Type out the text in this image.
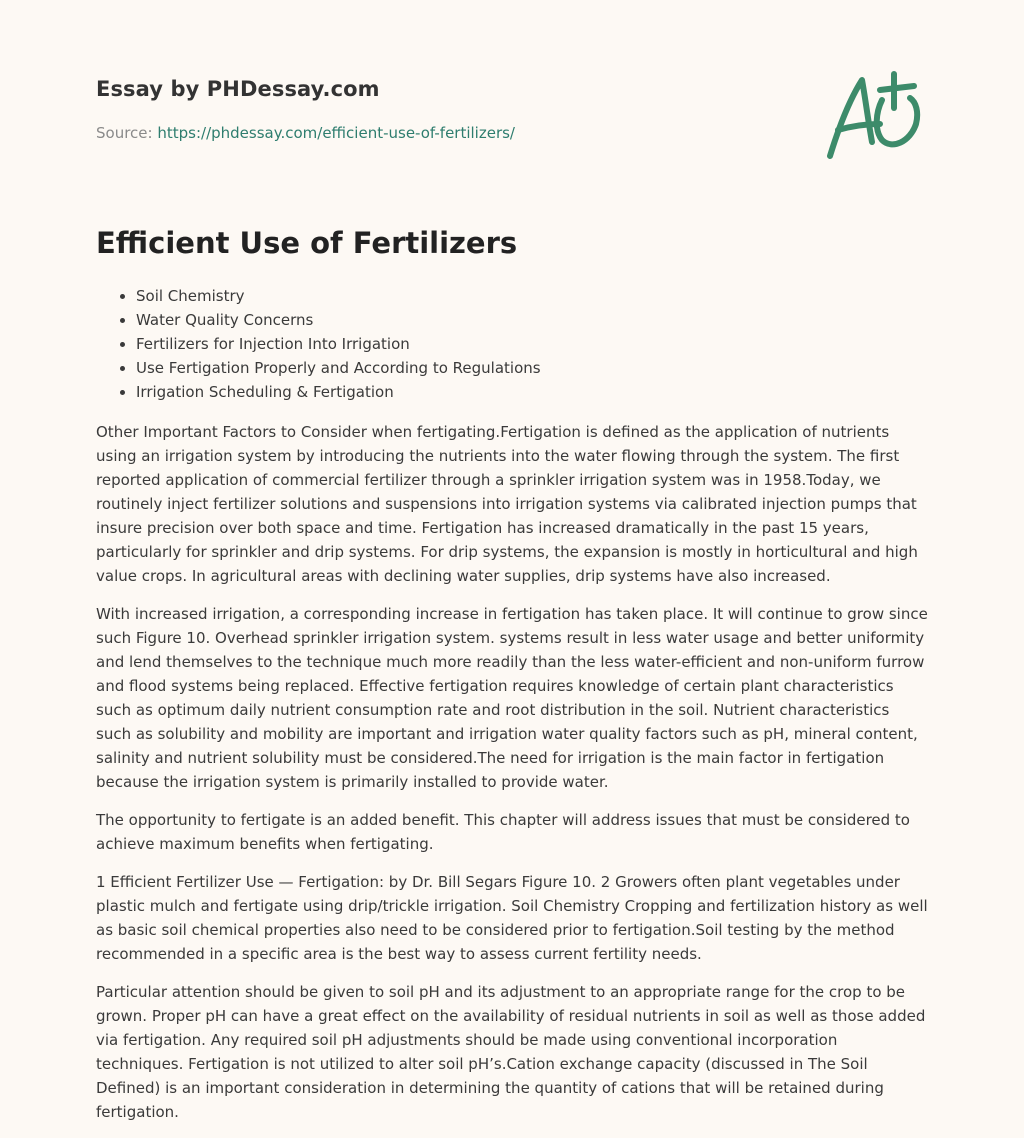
Essay by PHDessay.com
Source: https://phdessay.com/efficient-use-of-fertilizers/
Efficient Use of Fertilizers
• Soil Chemistry
• Water Quality Concerns
• Fertilizers for Injection Into Irrigation
• Use Fertigation Properly and According to Regulations
• Irrigation Scheduling & Fertigation

Other Important Factors to Consider when fertigating.Fertigation is defined as the application of nutrients using an irrigation system by introducing the nutrients into the water flowing through the system. The first reported application of commercial fertilizer through a sprinkler irrigation system was in 1958.Today, we routinely inject fertilizer solutions and suspensions into irrigation systems via calibrated injection pumps that insure precision over both space and time. Fertigation has increased dramatically in the past 15 years, particularly for sprinkler and drip systems. For drip systems, the expansion is mostly in horticultural and high value crops. In agricultural areas with declining water supplies, drip systems have also increased.

With increased irrigation, a corresponding increase in fertigation has taken place. It will continue to grow since such Figure 10. Overhead sprinkler irrigation system. systems result in less water usage and better uniformity and lend themselves to the technique much more readily than the less water-efficient and non-uniform furrow and flood systems being replaced. Effective fertigation requires knowledge of certain plant characteristics such as optimum daily nutrient consumption rate and root distribution in the soil. Nutrient characteristics such as solubility and mobility are important and irrigation water quality factors such as pH, mineral content, salinity and nutrient solubility must be considered.The need for irrigation is the main factor in fertigation because the irrigation system is primarily installed to provide water.

The opportunity to fertigate is an added benefit. This chapter will address issues that must be considered to achieve maximum benefits when fertigating.

1 Efficient Fertilizer Use — Fertigation: by Dr. Bill Segars Figure 10. 2 Growers often plant vegetables under plastic mulch and fertigate using drip/trickle irrigation. Soil Chemistry Cropping and fertilization history as well as basic soil chemical properties also need to be considered prior to fertigation.Soil testing by the method recommended in a specific area is the best way to assess current fertility needs.

Particular attention should be given to soil pH and its adjustment to an appropriate range for the crop to be grown. Proper pH can have a great effect on the availability of residual nutrients in soil as well as those added via fertigation. Any required soil pH adjustments should be made using conventional incorporation techniques. Fertigation is not utilized to alter soil pH’s.Cation exchange capacity (discussed in The Soil Defined) is an important consideration in determining the quantity of cations that will be retained during fertigation.
